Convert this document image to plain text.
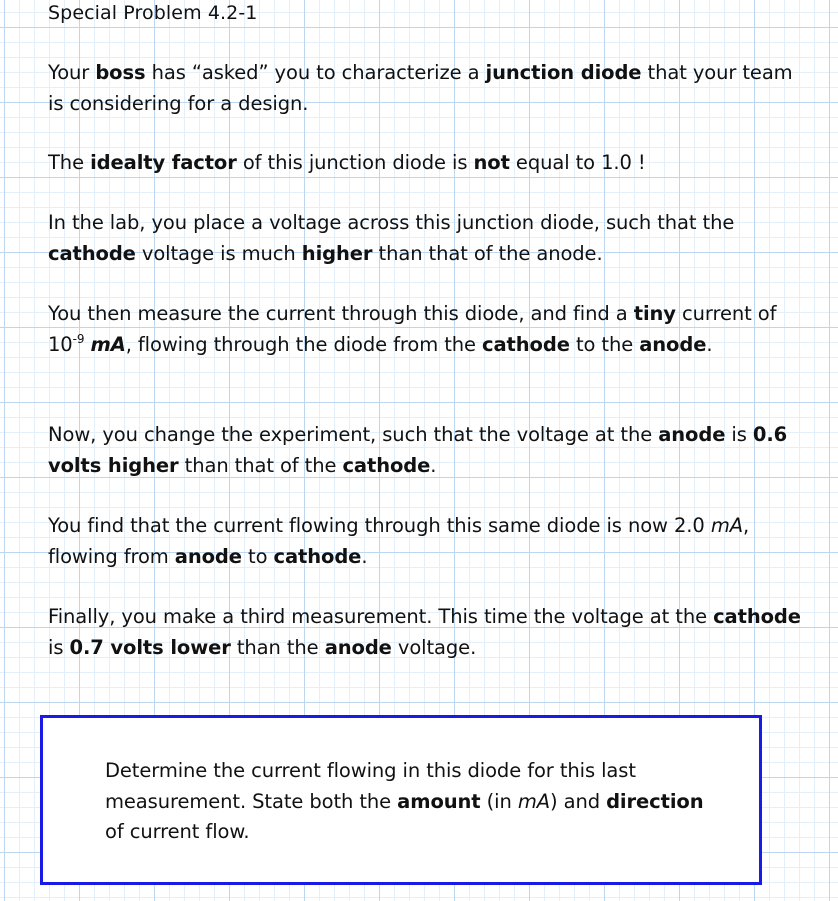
Special Problem 4.2-1
Your boss has “asked” you to characterize a junction diode that your team is considering for a design.
The idealty factor of this junction diode is not equal to 1.0 !
In the lab, you place a voltage across this junction diode, such that the cathode voltage is much higher than that of the anode.
You then measure the current through this diode, and find a tiny current of $10^{-9}$ mA, flowing through the diode from the cathode to the anode.
Now, you change the experiment, such that the voltage at the anode is 0.6 volts higher than that of the cathode.
You find that the current flowing through this same diode is now 2.0 mA, flowing from anode to cathode.
Finally, you make a third measurement. This time the voltage at the cathode is 0.7 volts lower than the anode voltage.
Determine the current flowing in this diode for this last measurement. State both the amount (in mA) and direction of current flow.
